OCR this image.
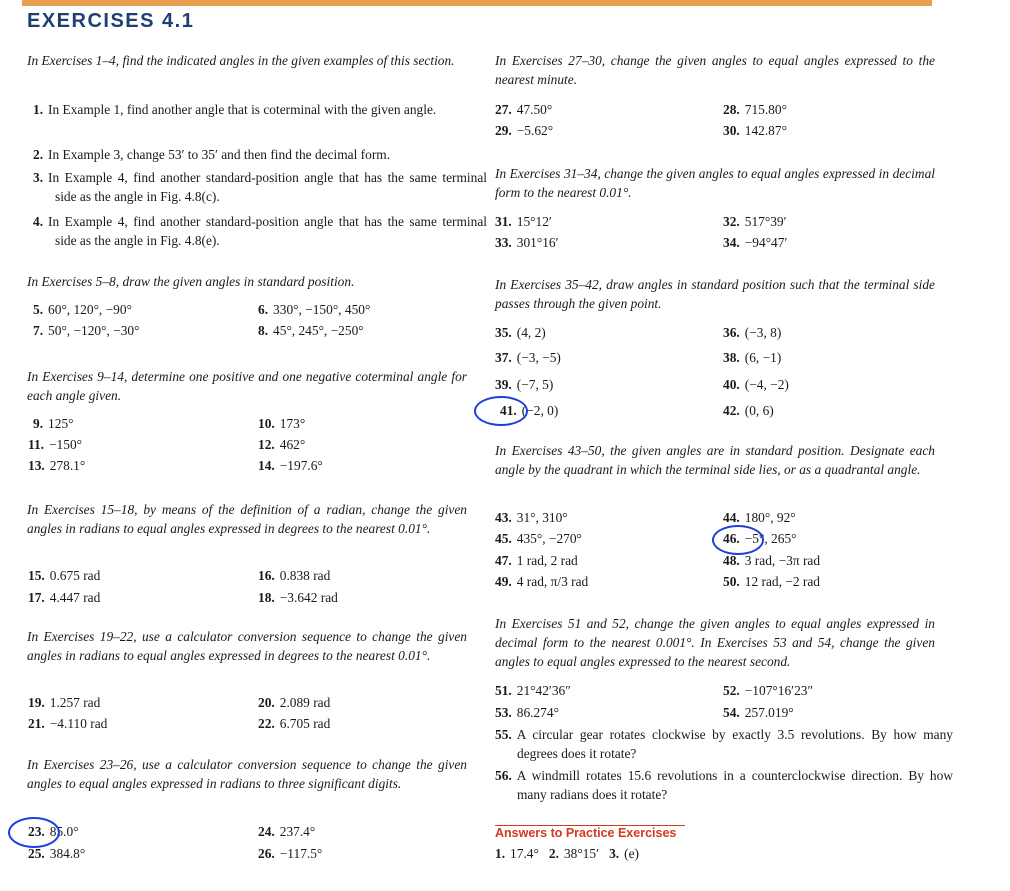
EXERCISES 4.1
In Exercises 1–4, find the indicated angles in the given examples of this section.
1. In Example 1, find another angle that is coterminal with the given angle.
2. In Example 3, change 53′ to 35′ and then find the decimal form.
3. In Example 4, find another standard-position angle that has the same terminal side as the angle in Fig. 4.8(c).
4. In Example 4, find another standard-position angle that has the same terminal side as the angle in Fig. 4.8(e).
In Exercises 5–8, draw the given angles in standard position.
5. 60°, 120°, −90°	6. 330°, −150°, 450°
7. 50°, −120°, −30°	8. 45°, 245°, −250°
In Exercises 9–14, determine one positive and one negative coterminal angle for each angle given.
9. 125°	10. 173°
11. −150°	12. 462°
13. 278.1°	14. −197.6°
In Exercises 15–18, by means of the definition of a radian, change the given angles in radians to equal angles expressed in degrees to the nearest 0.01°.
15. 0.675 rad	16. 0.838 rad
17. 4.447 rad	18. −3.642 rad
In Exercises 19–22, use a calculator conversion sequence to change the given angles in radians to equal angles expressed in degrees to the nearest 0.01°.
19. 1.257 rad	20. 2.089 rad
21. −4.110 rad	22. 6.705 rad
In Exercises 23–26, use a calculator conversion sequence to change the given angles to equal angles expressed in radians to three significant digits.
23. 85.0°	24. 237.4°
25. 384.8°	26. −117.5°
In Exercises 27–30, change the given angles to equal angles expressed to the nearest minute.
27. 47.50°	28. 715.80°
29. −5.62°	30. 142.87°
In Exercises 31–34, change the given angles to equal angles expressed in decimal form to the nearest 0.01°.
31. 15°12′	32. 517°39′
33. 301°16′	34. −94°47′
In Exercises 35–42, draw angles in standard position such that the terminal side passes through the given point.
35. (4, 2)	36. (−3, 8)
37. (−3, −5)	38. (6, −1)
39. (−7, 5)	40. (−4, −2)
41. (−2, 0)	42. (0, 6)
In Exercises 43–50, the given angles are in standard position. Designate each angle by the quadrant in which the terminal side lies, or as a quadrantal angle.
43. 31°, 310°	44. 180°, 92°
45. 435°, −270°	46. −5°, 265°
47. 1 rad, 2 rad	48. 3 rad, −3π rad
49. 4 rad, π/3 rad	50. 12 rad, −2 rad
In Exercises 51 and 52, change the given angles to equal angles expressed in decimal form to the nearest 0.001°. In Exercises 53 and 54, change the given angles to equal angles expressed to the nearest second.
51. 21°42′36″	52. −107°16′23″
53. 86.274°	54. 257.019°
55. A circular gear rotates clockwise by exactly 3.5 revolutions. By how many degrees does it rotate?
56. A windmill rotates 15.6 revolutions in a counterclockwise direction. By how many radians does it rotate?
Answers to Practice Exercises
1. 17.4° 2. 38°15′ 3. (e)
